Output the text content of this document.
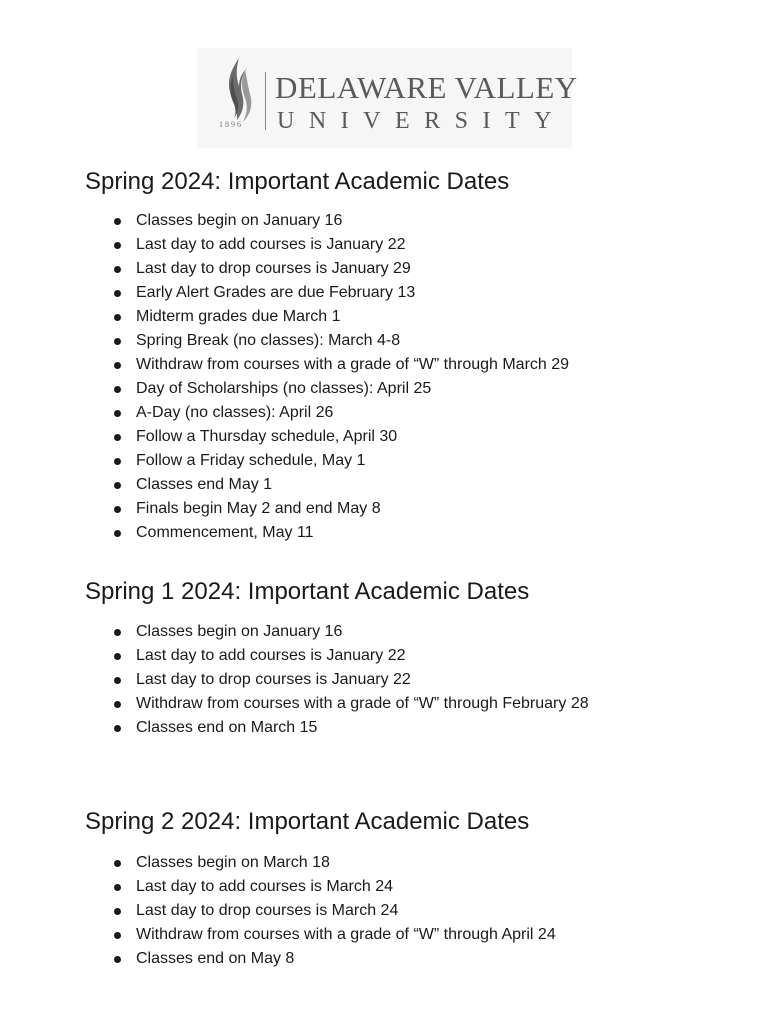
1896
DELAWARE VALLEY
UNIVERSITY
Spring 2024: Important Academic Dates
Classes begin on January 16
Last day to add courses is January 22
Last day to drop courses is January 29
Early Alert Grades are due February 13
Midterm grades due March 1
Spring Break (no classes): March 4-8
Withdraw from courses with a grade of “W” through March 29
Day of Scholarships (no classes): April 25
A-Day (no classes): April 26
Follow a Thursday schedule, April 30
Follow a Friday schedule, May 1
Classes end May 1
Finals begin May 2 and end May 8
Commencement, May 11
Spring 1 2024: Important Academic Dates
Classes begin on January 16
Last day to add courses is January 22
Last day to drop courses is January 22
Withdraw from courses with a grade of “W” through February 28
Classes end on March 15
Spring 2 2024: Important Academic Dates
Classes begin on March 18
Last day to add courses is March 24
Last day to drop courses is March 24
Withdraw from courses with a grade of “W” through April 24
Classes end on May 8
